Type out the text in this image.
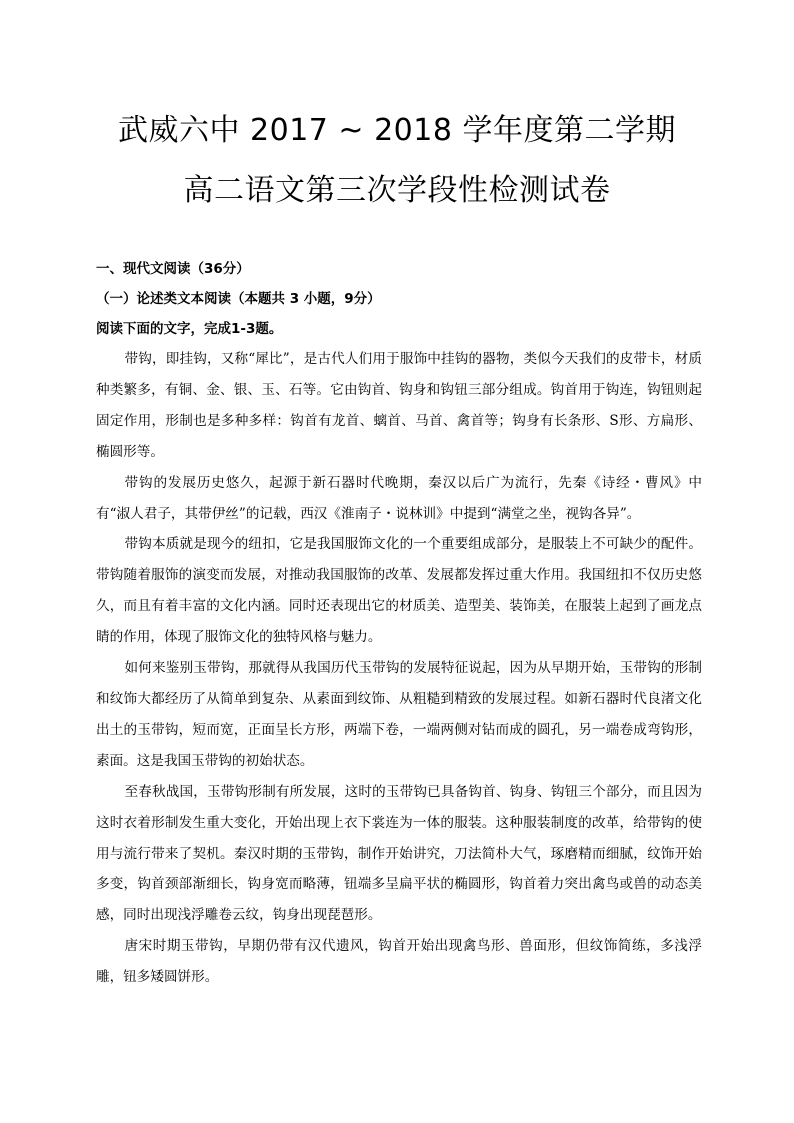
武威六中 2017 ~ 2018 学年度第二学期
高二语文第三次学段性检测试卷
一、现代文阅读（36分）
（一）论述类文本阅读（本题共 3 小题，9分）
阅读下面的文字，完成1-3题。

带钩，即挂钩，又称“犀比”，是古代人们用于服饰中挂钩的器物，类似今天我们的皮带卡，材质种类繁多，有铜、金、银、玉、石等。它由钩首、钩身和钩钮三部分组成。钩首用于钩连，钩钮则起固定作用，形制也是多种多样：钩首有龙首、螭首、马首、禽首等；钩身有长条形、S形、方扁形、椭圆形等。

带钩的发展历史悠久，起源于新石器时代晚期，秦汉以后广为流行，先秦《诗经・曹风》中有“淑人君子，其带伊丝”的记载，西汉《淮南子・说林训》中提到“满堂之坐，视钩各异”。

带钩本质就是现今的纽扣，它是我国服饰文化的一个重要组成部分，是服装上不可缺少的配件。带钩随着服饰的演变而发展，对推动我国服饰的改革、发展都发挥过重大作用。我国纽扣不仅历史悠久，而且有着丰富的文化内涵。同时还表现出它的材质美、造型美、装饰美，在服装上起到了画龙点睛的作用，体现了服饰文化的独特风格与魅力。

如何来鉴别玉带钩，那就得从我国历代玉带钩的发展特征说起，因为从早期开始，玉带钩的形制和纹饰大都经历了从简单到复杂、从素面到纹饰、从粗糙到精致的发展过程。如新石器时代良渚文化出土的玉带钩，短而宽，正面呈长方形，两端下卷，一端两侧对钻而成的圆孔，另一端卷成弯钩形，素面。这是我国玉带钩的初始状态。

至春秋战国，玉带钩形制有所发展，这时的玉带钩已具备钩首、钩身、钩钮三个部分，而且因为这时衣着形制发生重大变化，开始出现上衣下裳连为一体的服装。这种服装制度的改革，给带钩的使用与流行带来了契机。秦汉时期的玉带钩，制作开始讲究，刀法简朴大气，琢磨精而细腻，纹饰开始多变，钩首颈部渐细长，钩身宽而略薄，钮端多呈扁平状的椭圆形，钩首着力突出禽鸟或兽的动态美感，同时出现浅浮雕卷云纹，钩身出现琵琶形。

唐宋时期玉带钩，早期仍带有汉代遗风，钩首开始出现禽鸟形、兽面形，但纹饰简练，多浅浮雕，钮多矮圆饼形。
